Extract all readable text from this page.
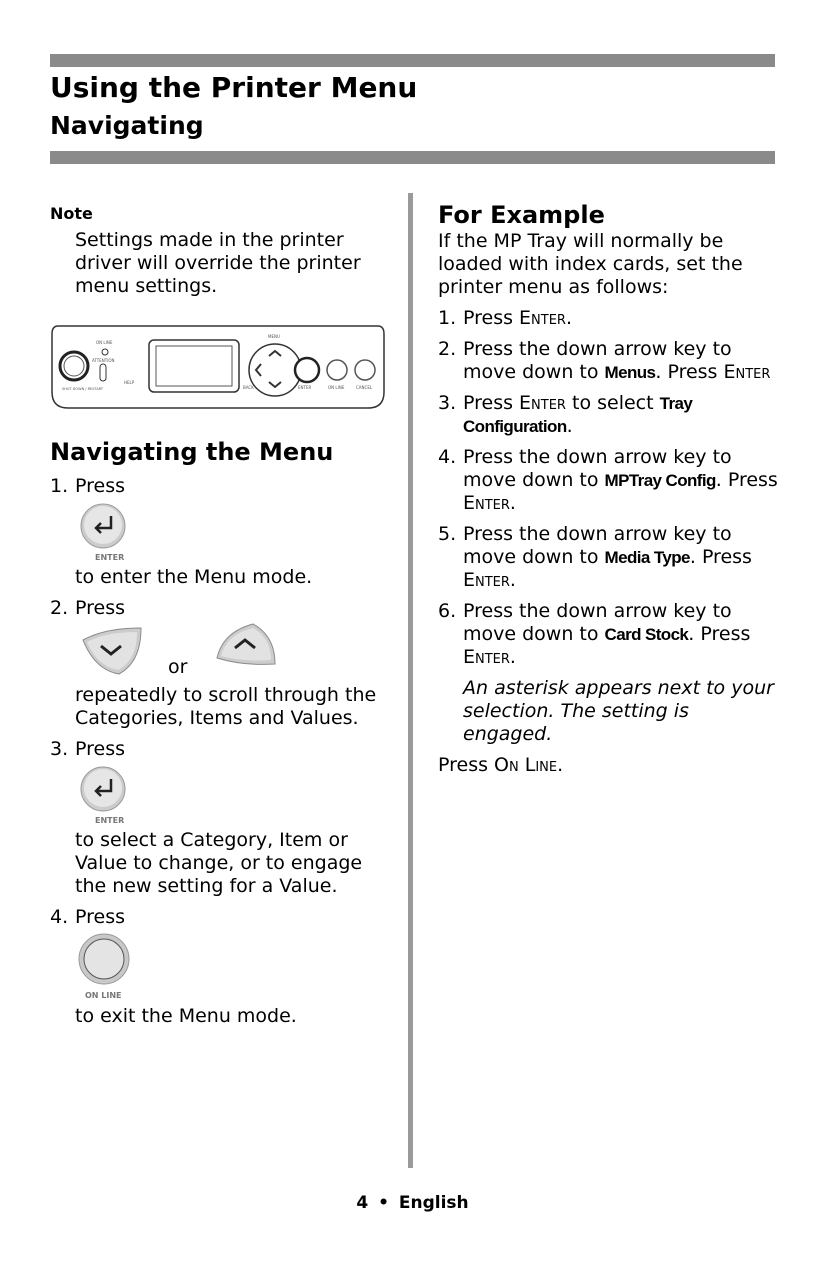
Using the Printer Menu
Navigating
Note
Settings made in the printer driver will override the printer menu settings.
ON LINE
ATTENTION
HELP
MENU
BACK	ENTER	ON LINE	CANCEL
SHUT DOWN / RESTART
Navigating the Menu
1. Press
ENTER
to enter the Menu mode.
2. Press
or
repeatedly to scroll through the Categories, Items and Values.
3. Press
ENTER
to select a Category, Item or Value to change, or to engage the new setting for a Value.
4. Press
ON LINE
to exit the Menu mode.
For Example
If the MP Tray will normally be loaded with index cards, set the printer menu as follows:
1. Press Enter.
2. Press the down arrow key to move down to Menus. Press Enter
3. Press Enter to select Tray Configuration.
4. Press the down arrow key to move down to MPTray Config. Press Enter.
5. Press the down arrow key to move down to Media Type. Press Enter.
6. Press the down arrow key to move down to Card Stock. Press Enter.
An asterisk appears next to your selection. The setting is engaged.
Press On Line.
4 • English
